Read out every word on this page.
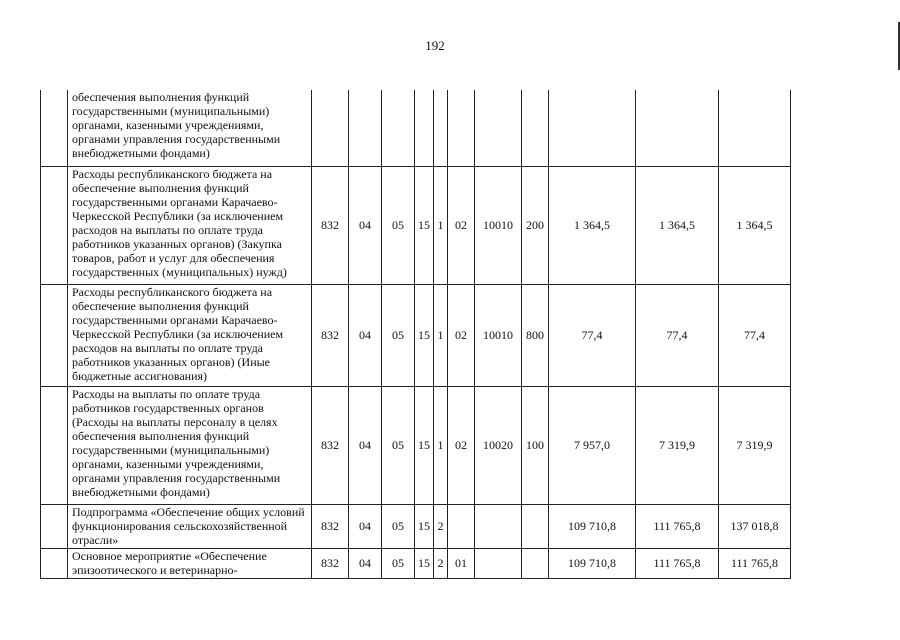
192
	обеспечения выполнения функций государственными (муниципальными) органами, казенными учреждениями, органами управления государственными внебюджетными фондами)											
	Расходы республиканского бюджета на обеспечение выполнения функций государственными органами Карачаево-Черкесской Республики (за исключением расходов на выплаты по оплате труда работников указанных органов) (Закупка товаров, работ и услуг для обеспечения государственных (муниципальных) нужд)	832	04	05	15	1	02	10010	200	1 364,5	1 364,5	1 364,5
	Расходы республиканского бюджета на обеспечение выполнения функций государственными органами Карачаево-Черкесской Республики (за исключением расходов на выплаты по оплате труда работников указанных органов) (Иные бюджетные ассигнования)	832	04	05	15	1	02	10010	800	77,4	77,4	77,4
	Расходы на выплаты по оплате труда работников государственных органов (Расходы на выплаты персоналу в целях обеспечения выполнения функций государственными (муниципальными) органами, казенными учреждениями, органами управления государственными внебюджетными фондами)	832	04	05	15	1	02	10020	100	7 957,0	7 319,9	7 319,9
	Подпрограмма «Обеспечение общих условий функционирования сельскохозяйственной отрасли»	832	04	05	15	2				109 710,8	111 765,8	137 018,8
	Основное мероприятие «Обеспечение эпизоотического и ветеринарно-	832	04	05	15	2	01			109 710,8	111 765,8	111 765,8
